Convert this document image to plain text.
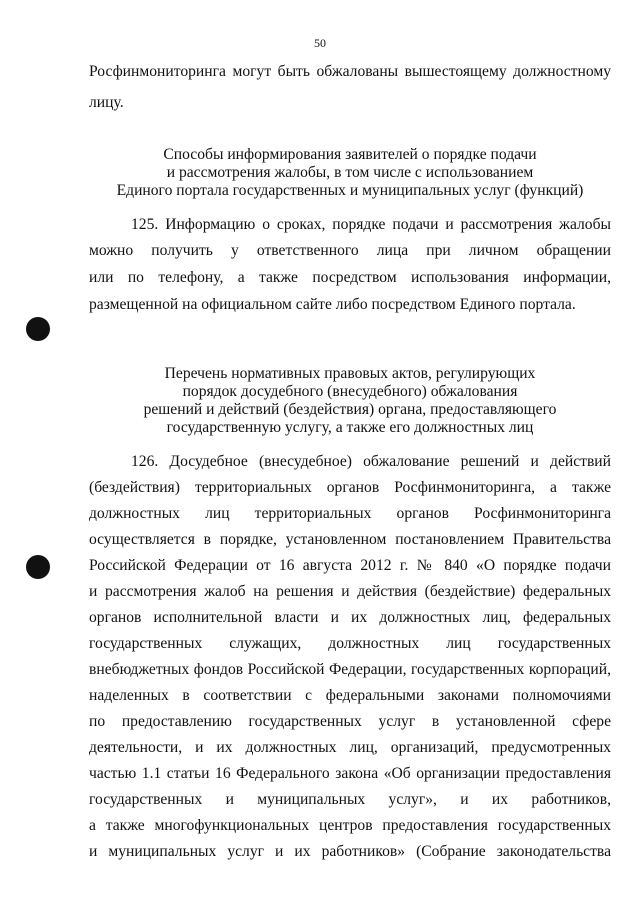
50
Росфинмониторинга могут быть обжалованы вышестоящему должностному
лицу.
Способы информирования заявителей о порядке подачи
и рассмотрения жалобы, в том числе с использованием
Единого портала государственных и муниципальных услуг (функций)
125. Информацию о сроках, порядке подачи и рассмотрения жалобы
можно получить у ответственного лица при личном обращении
или по телефону, а также посредством использования информации,
размещенной на официальном сайте либо посредством Единого портала.
Перечень нормативных правовых актов, регулирующих
порядок досудебного (внесудебного) обжалования
решений и действий (бездействия) органа, предоставляющего
государственную услугу, а также его должностных лиц
126. Досудебное (внесудебное) обжалование решений и действий
(бездействия) территориальных органов Росфинмониторинга, а также
должностных лиц территориальных органов Росфинмониторинга
осуществляется в порядке, установленном постановлением Правительства
Российской Федерации от 16 августа 2012 г. № 840 «О порядке подачи
и рассмотрения жалоб на решения и действия (бездействие) федеральных
органов исполнительной власти и их должностных лиц, федеральных
государственных служащих, должностных лиц государственных
внебюджетных фондов Российской Федерации, государственных корпораций,
наделенных в соответствии с федеральными законами полномочиями
по предоставлению государственных услуг в установленной сфере
деятельности, и их должностных лиц, организаций, предусмотренных
частью 1.1 статьи 16 Федерального закона «Об организации предоставления
государственных и муниципальных услуг», и их работников,
а также многофункциональных центров предоставления государственных
и муниципальных услуг и их работников» (Собрание законодательства
